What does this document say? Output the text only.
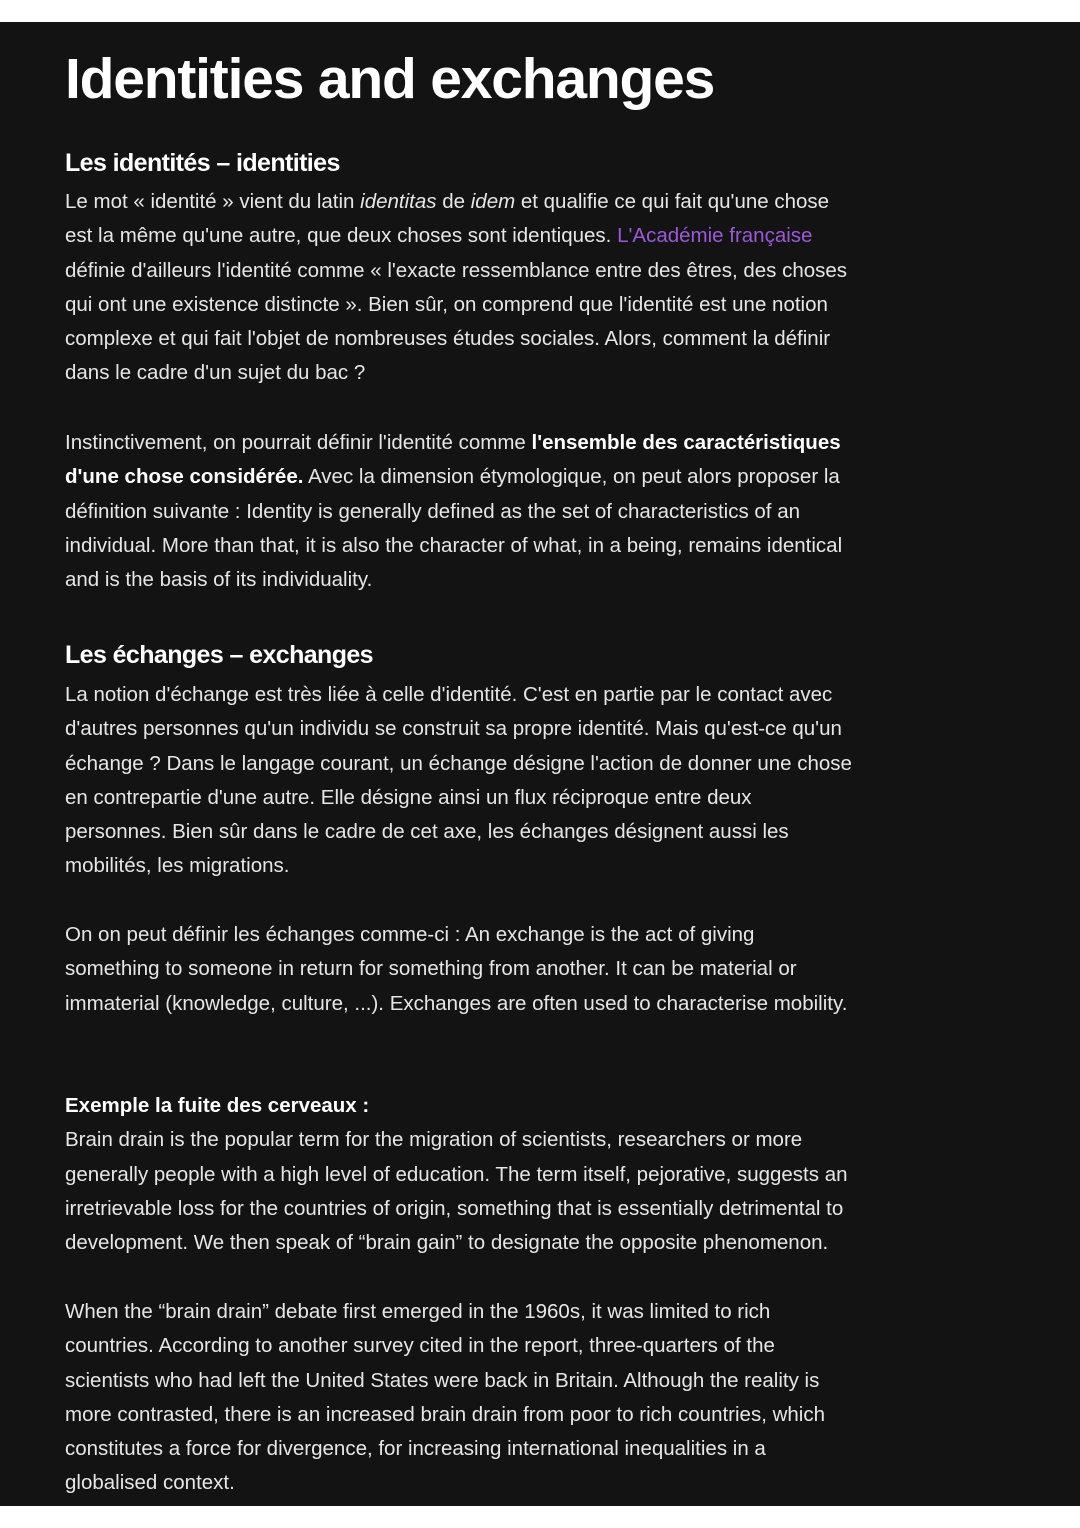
Identities and exchanges
Les identités – identities
Le mot « identité » vient du latin identitas de idem et qualifie ce qui fait qu'une chose
est la même qu'une autre, que deux choses sont identiques. L'Académie française
définie d'ailleurs l'identité comme « l'exacte ressemblance entre des êtres, des choses
qui ont une existence distincte ». Bien sûr, on comprend que l'identité est une notion
complexe et qui fait l'objet de nombreuses études sociales. Alors, comment la définir
dans le cadre d'un sujet du bac ?
Instinctivement, on pourrait définir l'identité comme l'ensemble des caractéristiques
d'une chose considérée. Avec la dimension étymologique, on peut alors proposer la
définition suivante : Identity is generally defined as the set of characteristics of an
individual. More than that, it is also the character of what, in a being, remains identical
and is the basis of its individuality.
Les échanges – exchanges
La notion d'échange est très liée à celle d'identité. C'est en partie par le contact avec
d'autres personnes qu'un individu se construit sa propre identité. Mais qu'est-ce qu'un
échange ? Dans le langage courant, un échange désigne l'action de donner une chose
en contrepartie d'une autre. Elle désigne ainsi un flux réciproque entre deux
personnes. Bien sûr dans le cadre de cet axe, les échanges désignent aussi les
mobilités, les migrations.
On on peut définir les échanges comme-ci : An exchange is the act of giving
something to someone in return for something from another. It can be material or
immaterial (knowledge, culture, ...). Exchanges are often used to characterise mobility.
Exemple la fuite des cerveaux :
Brain drain is the popular term for the migration of scientists, researchers or more
generally people with a high level of education. The term itself, pejorative, suggests an
irretrievable loss for the countries of origin, something that is essentially detrimental to
development. We then speak of “brain gain” to designate the opposite phenomenon.
When the “brain drain” debate first emerged in the 1960s, it was limited to rich
countries. According to another survey cited in the report, three-quarters of the
scientists who had left the United States were back in Britain. Although the reality is
more contrasted, there is an increased brain drain from poor to rich countries, which
constitutes a force for divergence, for increasing international inequalities in a
globalised context.
